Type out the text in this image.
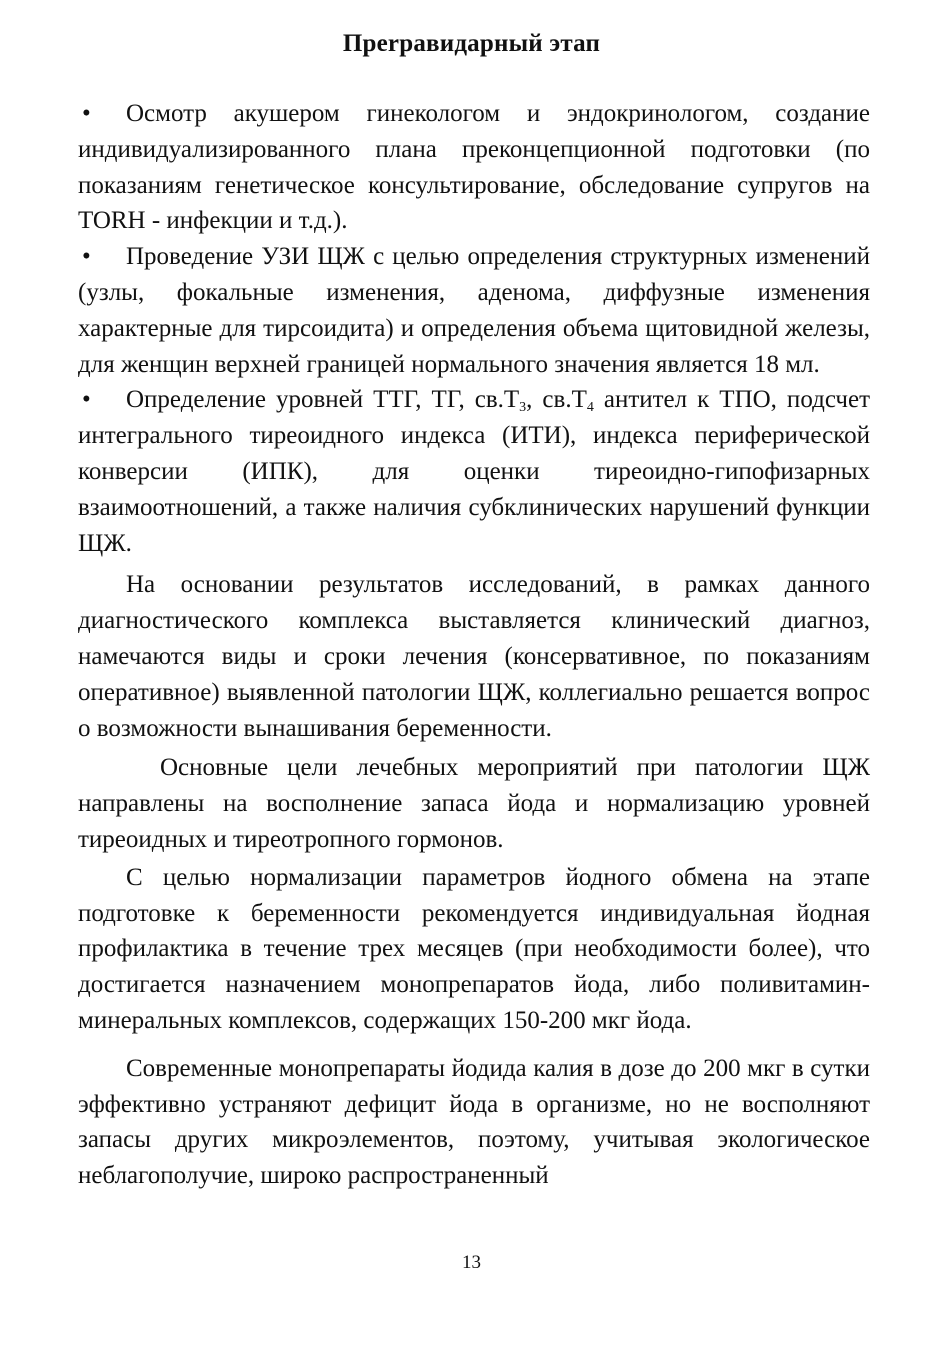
Преrравидарный этап

• Осмотр акушером гинекологом и эндокринологом, создание индивидуализированного плана преконцепционной подготовки (по показаниям генетическое консультирование, обследование супругов на TORH - инфекции и т.д.).

• Проведение УЗИ ЩЖ с целью определения структурных изменений (узлы, фокальные изменения, аденома, диффузные изменения характерные для тирсоидита) и определения объема щитовидной железы, для женщин верхней границей нормального значения является 18 мл.

• Определение уровней ТТГ, ТГ, $св.Т_3$, $св.Т_4$ антител к ТПО, подсчет интегрального тиреоидного индекса (ИТИ), индекса периферической конверсии (ИПК), для оценки тиреоидно-гипофизарных взаимоотношений, а также наличия субклинических нарушений функции ЩЖ.

На основании результатов исследований, в рамках данного диагностического комплекса выставляется клинический диагноз, намечаются виды и сроки лечения (консервативное, по показаниям оперативное) выявленной патологии ЩЖ, коллегиально решается вопрос о возможности вынашивания беременности.

Основные цели лечебных мероприятий при патологии ЩЖ направлены на восполнение запаса йода и нормализацию уровней тиреоидных и тиреотропного гормонов.

С целью нормализации параметров йодного обмена на этапе подготовке к беременности рекомендуется индивидуальная йодная профилактика в течение трех месяцев (при необходимости более), что достигается назначением монопрепаратов йода, либо поливитамин-минеральных комплексов, содержащих 150-200 мкг йода.

Современные монопрепараты йодида калия в дозе до 200 мкг в сутки эффективно устраняют дефицит йода в организме, но не восполняют запасы других микроэлементов, поэтому, учитывая экологическое неблагополучие, широко распространенный

13
